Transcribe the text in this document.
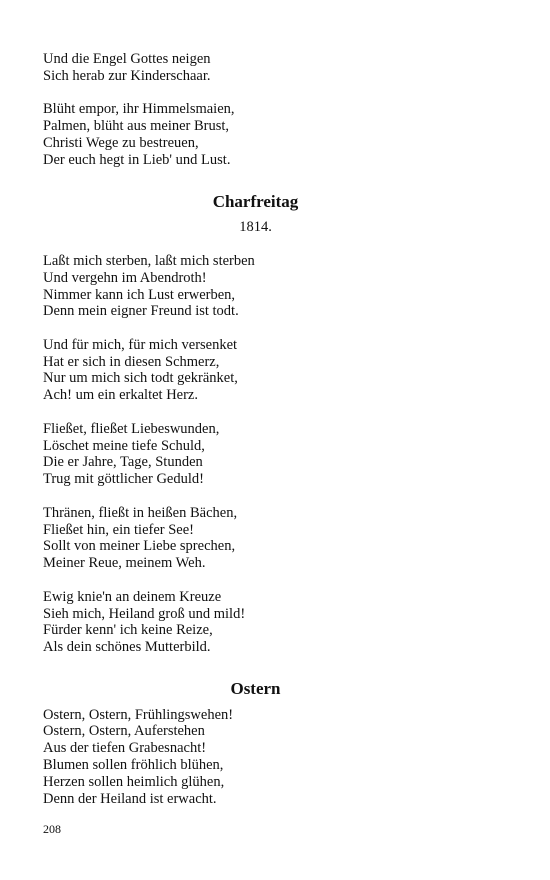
Und die Engel Gottes neigen
Sich herab zur Kinderschaar.
Blüht empor, ihr Himmelsmaien,
Palmen, blüht aus meiner Brust,
Christi Wege zu bestreuen,
Der euch hegt in Lieb' und Lust.
Charfreitag
1814.
Laßt mich sterben, laßt mich sterben
Und vergehn im Abendroth!
Nimmer kann ich Lust erwerben,
Denn mein eigner Freund ist todt.
Und für mich, für mich versenket
Hat er sich in diesen Schmerz,
Nur um mich sich todt gekränket,
Ach! um ein erkaltet Herz.
Fließet, fließet Liebeswunden,
Löschet meine tiefe Schuld,
Die er Jahre, Tage, Stunden
Trug mit göttlicher Geduld!
Thränen, fließt in heißen Bächen,
Fließet hin, ein tiefer See!
Sollt von meiner Liebe sprechen,
Meiner Reue, meinem Weh.
Ewig knie'n an deinem Kreuze
Sieh mich, Heiland groß und mild!
Fürder kenn' ich keine Reize,
Als dein schönes Mutterbild.
Ostern
Ostern, Ostern, Frühlingswehen!
Ostern, Ostern, Auferstehen
Aus der tiefen Grabesnacht!
Blumen sollen fröhlich blühen,
Herzen sollen heimlich glühen,
Denn der Heiland ist erwacht.
208
